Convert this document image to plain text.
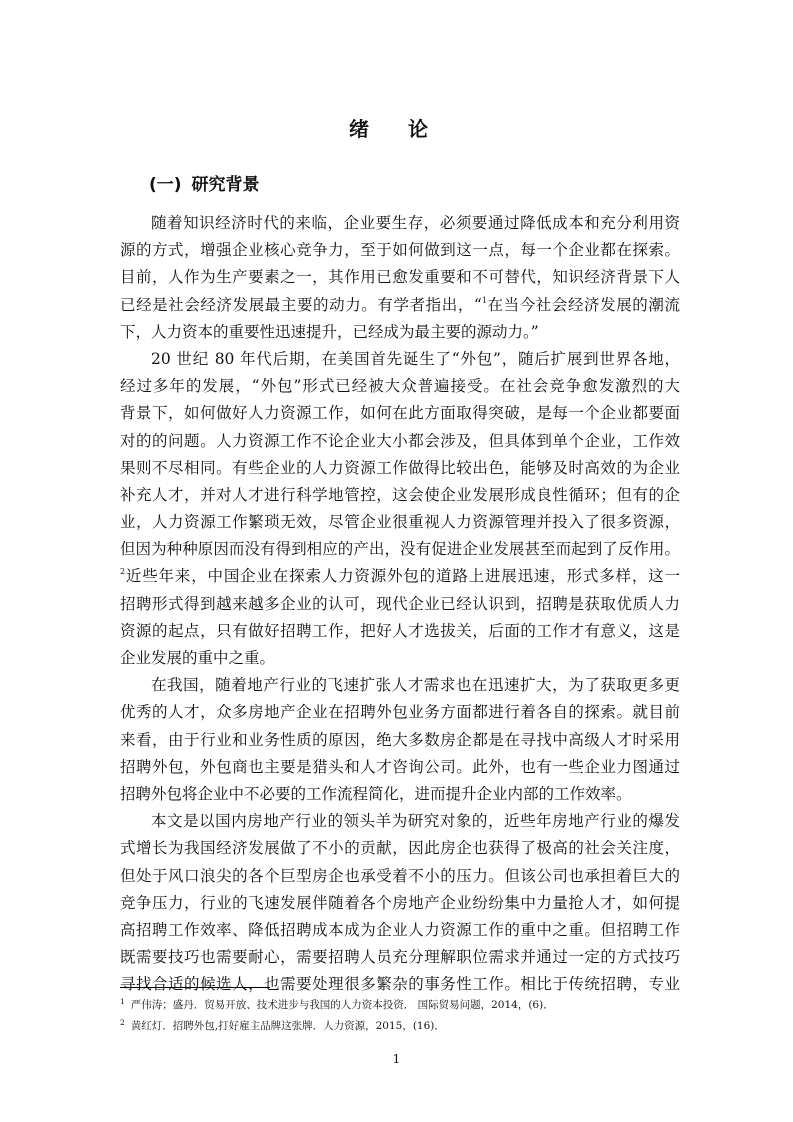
绪 论
(一) 研究背景
随着知识经济时代的来临，企业要生存，必须要通过降低成本和充分利用资
源的方式，增强企业核心竞争力，至于如何做到这一点，每一个企业都在探索。
目前，人作为生产要素之一，其作用已愈发重要和不可替代，知识经济背景下人
已经是社会经济发展最主要的动力。有学者指出，“$^1$在当今社会经济发展的潮流
下，人力资本的重要性迅速提升，已经成为最主要的源动力。”
20 世纪 80 年代后期，在美国首先诞生了“外包”，随后扩展到世界各地，
经过多年的发展，“外包”形式已经被大众普遍接受。在社会竞争愈发激烈的大
背景下，如何做好人力资源工作，如何在此方面取得突破，是每一个企业都要面
对的的问题。人力资源工作不论企业大小都会涉及，但具体到单个企业，工作效
果则不尽相同。有些企业的人力资源工作做得比较出色，能够及时高效的为企业
补充人才，并对人才进行科学地管控，这会使企业发展形成良性循环；但有的企
业，人力资源工作繁琐无效，尽管企业很重视人力资源管理并投入了很多资源，
但因为种种原因而没有得到相应的产出，没有促进企业发展甚至而起到了反作用。
$^2$近些年来，中国企业在探索人力资源外包的道路上进展迅速，形式多样，这一
招聘形式得到越来越多企业的认可，现代企业已经认识到，招聘是获取优质人力
资源的起点，只有做好招聘工作，把好人才选拔关，后面的工作才有意义，这是
企业发展的重中之重。
在我国，随着地产行业的飞速扩张人才需求也在迅速扩大，为了获取更多更
优秀的人才，众多房地产企业在招聘外包业务方面都进行着各自的探索。就目前
来看，由于行业和业务性质的原因，绝大多数房企都是在寻找中高级人才时采用
招聘外包，外包商也主要是猎头和人才咨询公司。此外，也有一些企业力图通过
招聘外包将企业中不必要的工作流程简化，进而提升企业内部的工作效率。
本文是以国内房地产行业的领头羊为研究对象的，近些年房地产行业的爆发
式增长为我国经济发展做了不小的贡献，因此房企也获得了极高的社会关注度，
但处于风口浪尖的各个巨型房企也承受着不小的压力。但该公司也承担着巨大的
竞争压力，行业的飞速发展伴随着各个房地产企业纷纷集中力量抢人才，如何提
高招聘工作效率、降低招聘成本成为企业人力资源工作的重中之重。但招聘工作
既需要技巧也需要耐心，需要招聘人员充分理解职位需求并通过一定的方式技巧
寻找合适的候选人，也需要处理很多繁杂的事务性工作。相比于传统招聘，专业
$^1$ 严伟涛；盛丹．贸易开放、技术进步与我国的人力资本投资． 国际贸易问题，2014，(6)．
$^2$ 黄红灯．招聘外包,打好雇主品牌这张牌．人力资源，2015，(16)．
1
